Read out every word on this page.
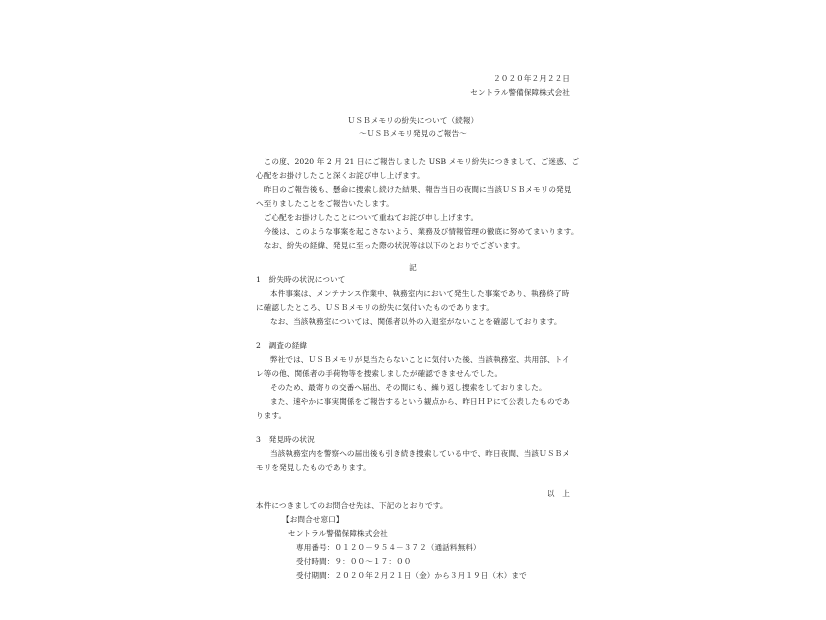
２０２０年２月２２日
セントラル警備保障株式会社
ＵＳＢメモリの紛失について（続報）
〜ＵＳＢメモリ発見のご報告〜
　この度、2020 年 2 月 21 日にご報告しました USB メモリ紛失につきまして、ご迷惑、ご
心配をお掛けしたこと深くお詫び申し上げます。
　昨日のご報告後も、懸命に捜索し続けた結果、報告当日の夜間に当該ＵＳＢメモリの発見
へ至りましたことをご報告いたします。
　ご心配をお掛けしたことについて重ねてお詫び申し上げます。
　今後は、このような事案を起こさないよう、業務及び情報管理の徹底に努めてまいります。
　なお、紛失の経緯、発見に至った際の状況等は以下のとおりでございます。
記
1　紛失時の状況について
本件事案は、メンテナンス作業中、執務室内において発生した事案であり、執務終了時
に確認したところ、ＵＳＢメモリの紛失に気付いたものであります。
なお、当該執務室については、関係者以外の入退室がないことを確認しております。
2　調査の経緯
弊社では、ＵＳＢメモリが見当たらないことに気付いた後、当該執務室、共用部、トイ
レ等の他、関係者の手荷物等を捜索しましたが確認できませんでした。
そのため、最寄りの交番へ届出、その間にも、繰り返し捜索をしておりました。
また、速やかに事実関係をご報告するという観点から、昨日ＨＰにて公表したものであ
ります。
3　発見時の状況
当該執務室内を警察への届出後も引き続き捜索している中で、昨日夜間、当該ＵＳＢメ
モリを発見したものであります。
以　上
本件につきましてのお問合せ先は、下記のとおりです。
【お問合せ窓口】
セントラル警備保障株式会社
専用番号：０１２０－９５４－３７２（通話料無料）
受付時間：９：００～１７：００
受付期間：２０２０年２月２１日（金）から３月１９日（木）まで
